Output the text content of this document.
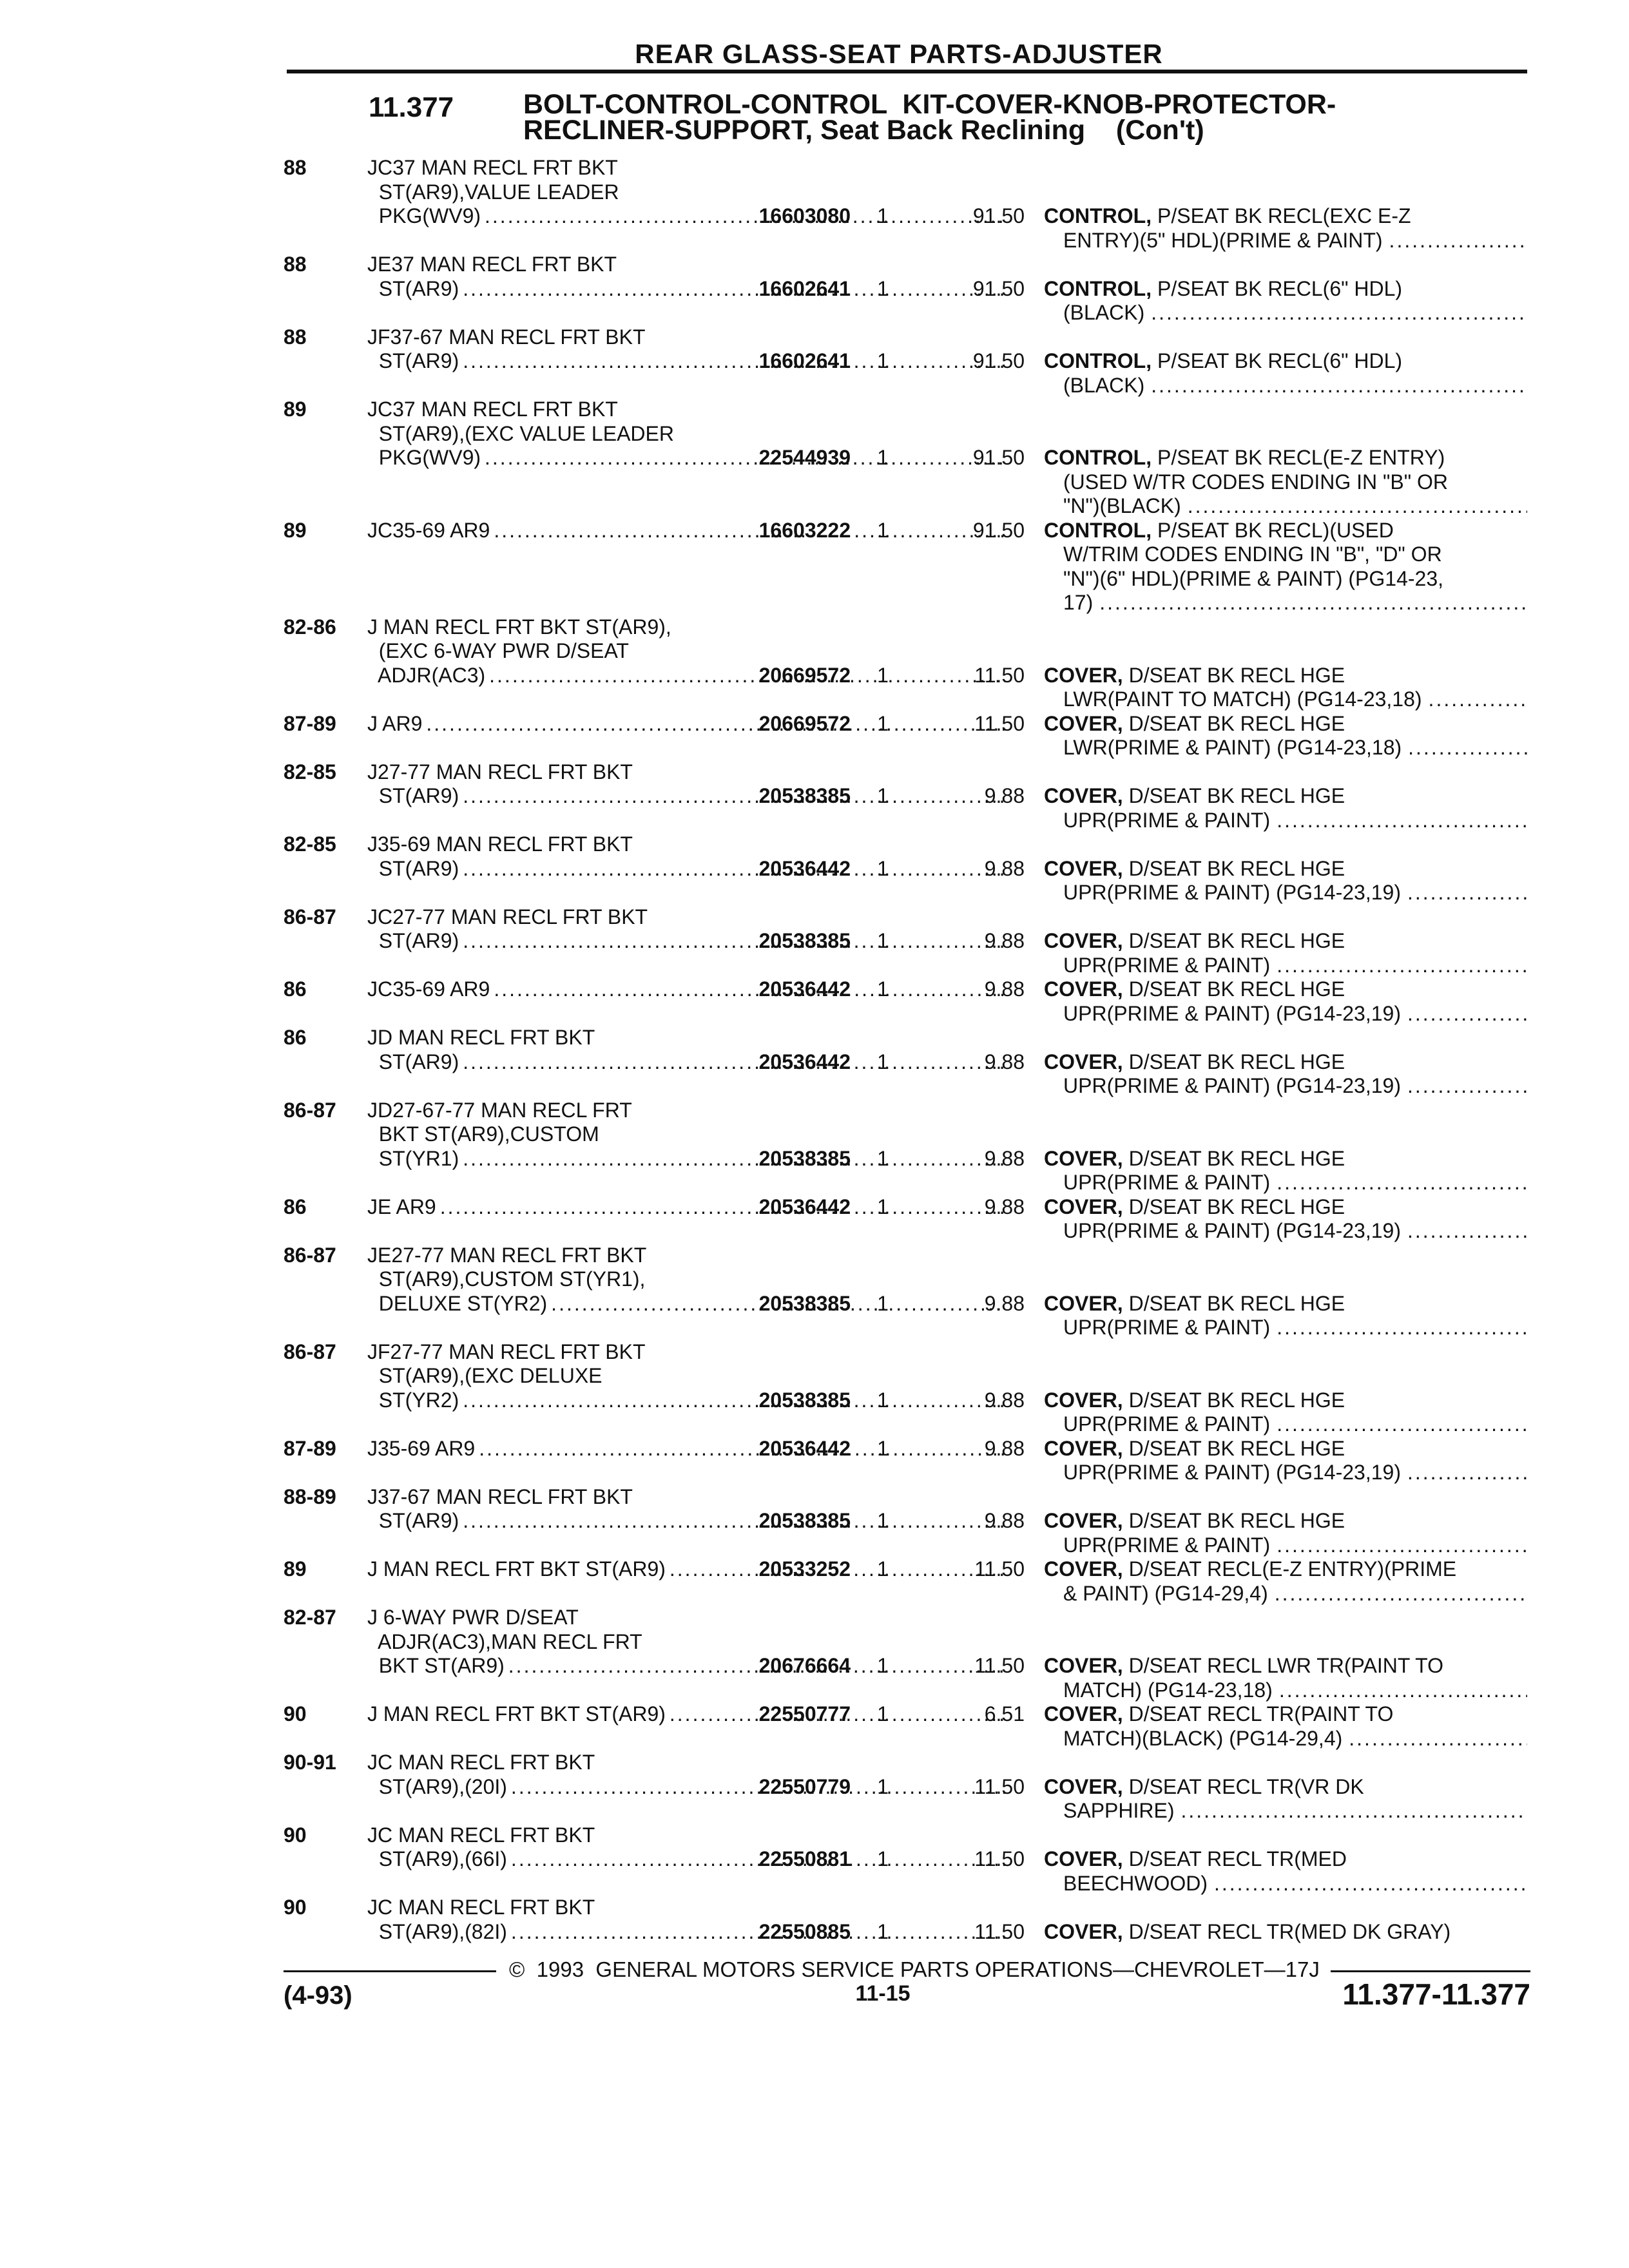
REAR GLASS-SEAT PARTS-ADJUSTER
11.377	BOLT-CONTROL-CONTROL  KIT-COVER-KNOB-PROTECTOR-
RECLINER-SUPPORT, Seat Back Reclining    (Con't)
88	JC37 MAN RECL FRT BKT
ST(AR9),VALUE LEADER
PKG(WV9) .....
	16603080 1	91.50 CONTROL, P/SEAT BK RECL(EXC E-Z
ENTRY)(5" HDL)(PRIME & PAINT)
.....
88	JE37 MAN RECL FRT BKT
ST(AR9) .....
	16602641 1	91.50 CONTROL, P/SEAT BK RECL(6" HDL)
(BLACK)
.....
88	JF37-67 MAN RECL FRT BKT
ST(AR9) .....
	16602641 1	91.50 CONTROL, P/SEAT BK RECL(6" HDL)
(BLACK)
.....
89	JC37 MAN RECL FRT BKT
ST(AR9),(EXC VALUE LEADER
PKG(WV9) .....

	22544939 1	91.50 CONTROL, P/SEAT BK RECL(E-Z ENTRY)
(USED W/TR CODES ENDING IN "B" OR
"N")(BLACK)
.....
89	JC35-69 AR9 .....

	16603222 1	91.50 CONTROL, P/SEAT BK RECL)(USED
W/TRIM CODES ENDING IN "B", "D" OR
"N")(6" HDL)(PRIME & PAINT) (PG14-23,
17)
.....
82-86	J MAN RECL FRT BKT ST(AR9),
(EXC 6-WAY PWR D/SEAT
ADJR(AC3) .....
	20669572 1	11.50 COVER, D/SEAT BK RECL HGE
LWR(PAINT TO MATCH) (PG14-23,18)
.....
87-89	J AR9 .....
	20669572 1	11.50 COVER, D/SEAT BK RECL HGE
LWR(PRIME & PAINT) (PG14-23,18)
.....
82-85	J27-77 MAN RECL FRT BKT
ST(AR9) .....
	20538385 1	9.88 COVER, D/SEAT BK RECL HGE
UPR(PRIME & PAINT)
.....
82-85	J35-69 MAN RECL FRT BKT
ST(AR9) .....
	20536442 1	9.88 COVER, D/SEAT BK RECL HGE
UPR(PRIME & PAINT) (PG14-23,19)
.....
86-87	JC27-77 MAN RECL FRT BKT
ST(AR9) .....
	20538385 1	9.88 COVER, D/SEAT BK RECL HGE
UPR(PRIME & PAINT)
.....
86	JC35-69 AR9 .....
	20536442 1	9.88 COVER, D/SEAT BK RECL HGE
UPR(PRIME & PAINT) (PG14-23,19)
.....
86	JD MAN RECL FRT BKT
ST(AR9) .....
	20536442 1	9.88 COVER, D/SEAT BK RECL HGE
UPR(PRIME & PAINT) (PG14-23,19)
.....
86-87	JD27-67-77 MAN RECL FRT
BKT ST(AR9),CUSTOM
ST(YR1) .....
	20538385 1	9.88 COVER, D/SEAT BK RECL HGE
UPR(PRIME & PAINT)
.....
86	JE AR9 .....
	20536442 1	9.88 COVER, D/SEAT BK RECL HGE
UPR(PRIME & PAINT) (PG14-23,19)
.....
86-87	JE27-77 MAN RECL FRT BKT
ST(AR9),CUSTOM ST(YR1),
DELUXE ST(YR2) .....
	20538385 1	9.88 COVER, D/SEAT BK RECL HGE
UPR(PRIME & PAINT)
.....
86-87	JF27-77 MAN RECL FRT BKT
ST(AR9),(EXC DELUXE
ST(YR2) .....
	20538385 1	9.88 COVER, D/SEAT BK RECL HGE
UPR(PRIME & PAINT)
.....
87-89	J35-69 AR9 .....
	20536442 1	9.88 COVER, D/SEAT BK RECL HGE
UPR(PRIME & PAINT) (PG14-23,19)
.....
88-89	J37-67 MAN RECL FRT BKT
ST(AR9) .....
	20538385 1	9.88 COVER, D/SEAT BK RECL HGE
UPR(PRIME & PAINT)
.....
89	J MAN RECL FRT BKT ST(AR9) .....
	20533252 1	11.50 COVER, D/SEAT RECL(E-Z ENTRY)(PRIME
& PAINT) (PG14-29,4)
.....
82-87	J 6-WAY PWR D/SEAT
ADJR(AC3),MAN RECL FRT
BKT ST(AR9) .....
	20676664 1	11.50 COVER, D/SEAT RECL LWR TR(PAINT TO
MATCH) (PG14-23,18)
.....
90	J MAN RECL FRT BKT ST(AR9) .....
	22550777 1	6.51 COVER, D/SEAT RECL TR(PAINT TO
MATCH)(BLACK) (PG14-29,4)
.....
90-91	JC MAN RECL FRT BKT
ST(AR9),(20I) .....
	22550779 1	11.50 COVER, D/SEAT RECL TR(VR DK
SAPPHIRE)
.....
90	JC MAN RECL FRT BKT
ST(AR9),(66I) .....
	22550881 1	11.50 COVER, D/SEAT RECL TR(MED
BEECHWOOD)
.....
90	JC MAN RECL FRT BKT
ST(AR9),(82I) .....	22550885 1	11.50 COVER, D/SEAT RECL TR(MED DK GRAY)
©  1993  GENERAL MOTORS SERVICE PARTS OPERATIONS—CHEVROLET—17J
(4-93)	11-15	11.377-11.377
